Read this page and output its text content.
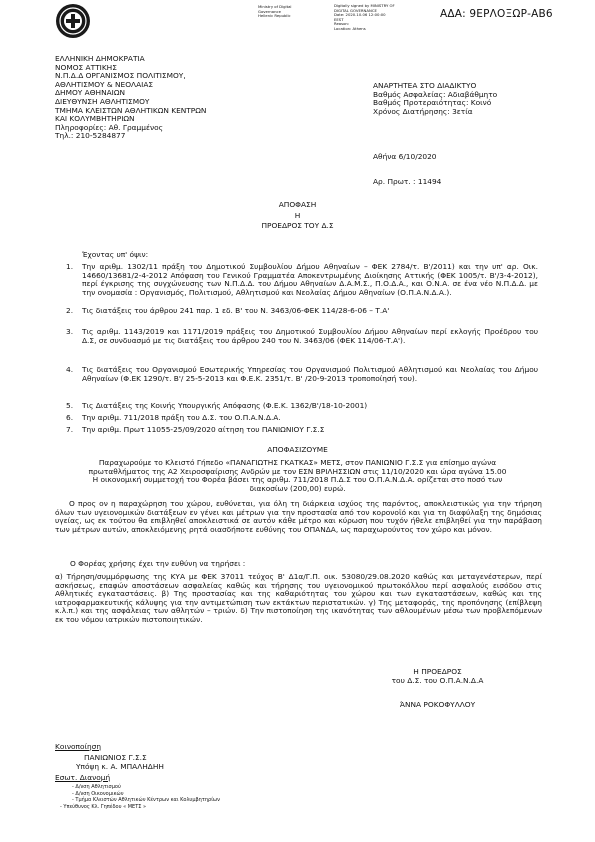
Ministry of Digital
Governance
Hellenic Republic
Digitally signed by MINISTRY OF
DIGITAL GOVERNANCE
Date: 2020.10.06 12:00:00
EEST
Reason:
Location: Athens
ΑΔΑ: 9ΕΡΛΟΞΩΡ-ΑΒ6
ΕΛΛΗΝΙΚΗ ΔΗΜΟΚΡΑΤΙΑ
ΝΟΜΟΣ ΑΤΤΙΚΗΣ
Ν.Π.Δ.Δ ΟΡΓΑΝΙΣΜΟΣ ΠΟΛΙΤΙΣΜΟΥ,
ΑΘΛΗΤΙΣΜΟΥ & ΝΕΟΛΑΙΑΣ
ΔΗΜΟΥ ΑΘΗΝΑΙΩΝ
ΔΙΕΥΘΥΝΣΗ ΑΘΛΗΤΙΣΜΟΥ
ΤΜΗΜΑ ΚΛΕΙΣΤΩΝ ΑΘΛΗΤΙΚΩΝ ΚΕΝΤΡΩΝ
ΚΑΙ ΚΟΛΥΜΒΗΤΗΡΙΩΝ
Πληροφορίες: Αθ. Γραμμένος
Τηλ.: 210-5284877
ΑΝΑΡΤΗΤΕΑ ΣΤΟ ΔΙΑΔΙΚΤΥΟ
Βαθμός Ασφαλείας: Αδιαβάθμητο
Βαθμός Προτεραιότητας: Κοινό
Χρόνος Διατήρησης: 3ετία
Αθήνα 6/10/2020
Αρ. Πρωτ. : 11494
ΑΠΟΦΑΣΗ
Η
ΠΡΟΕΔΡΟΣ ΤΟΥ Δ.Σ
Έχοντας υπ' όψιν:
1. Την αριθμ. 1302/11 πράξη του Δημοτικού Συμβουλίου Δήμου Αθηναίων – ΦΕΚ 2784/τ. Β'/2011) και την υπ' αρ. Οικ. 14660/13681/2-4-2012 Απόφαση του Γενικού Γραμματέα Αποκεντρωμένης Διοίκησης Αττικής (ΦΕΚ 1005/τ. Β'/3-4-2012), περί έγκρισης της συγχώνευσης των Ν.Π.Δ.Δ. του Δήμου Αθηναίων Δ.Α.Μ.Σ., Π.Ο.Δ.Α., και Ο.Ν.Α. σε ένα νέο Ν.Π.Δ.Δ. με την ονομασία : Οργανισμός, Πολιτισμού, Αθλητισμού και Νεολαίας Δήμου Αθηναίων (Ο.Π.Α.Ν.Δ.Α.).
2. Τις διατάξεις του άρθρου 241 παρ. 1 εδ. Β' του Ν. 3463/06-ΦΕΚ 114/28-6-06 – Τ.Α'
3. Τις αριθμ. 1143/2019 και 1171/2019 πράξεις του Δημοτικού Συμβουλίου Δήμου Αθηναίων περί εκλογής Προέδρου του Δ.Σ, σε συνδυασμό με τις διατάξεις του άρθρου 240 του Ν. 3463/06 (ΦΕΚ 114/06-Τ.Α').
4. Τις διατάξεις του Οργανισμού Εσωτερικής Υπηρεσίας του Οργανισμού Πολιτισμού Αθλητισμού και Νεολαίας του Δήμου Αθηναίων (Φ.ΕΚ 1290/τ. Β'/ 25-5-2013 και Φ.Ε.Κ. 2351/τ. Β' /20-9-2013 τροποποίησή του).
5. Τις Διατάξεις της Κοινής Υπουργικής Απόφασης (Φ.Ε.Κ. 1362/Β'/18-10-2001)
6. Την αριθμ. 711/2018 πράξη του Δ.Σ. του Ο.Π.Α.Ν.Δ.Α.
7. Την αριθμ. Πρωτ 11055-25/09/2020 αίτηση του ΠΑΝΙΩΝΙΟΥ Γ.Σ.Σ
ΑΠΟΦΑΣΙΖΟΥΜΕ
Παραχωρούμε το Κλειστό Γήπεδο «ΠΑΝΑΓΙΩΤΗΣ ΓΚΑΤΚΑΣ» ΜΕΤΣ, στον ΠΑΝΙΩΝΙΟ Γ.Σ.Σ για επίσημο αγώνα
πρωταθλήματος της Α2 Χειροσφαίρισης Ανδρών με τον ΕΣΝ ΒΡΙΛΗΣΣΙΩΝ στις 11/10/2020 και ώρα αγώνα 15.00
Η οικονομική συμμετοχή του Φορέα βάσει της αριθμ. 711/2018 Π.Δ.Σ του Ο.Π.Α.Ν.Δ.Α. ορίζεται στο ποσό των
διακοσίων (200,00) ευρώ.
Ο προς ον η παραχώρηση του χώρου, ευθύνεται, για όλη τη διάρκεια ισχύος της παρόντος, αποκλειστικώς για την τήρηση όλων των υγειονομικών διατάξεων εν γένει και μέτρων για την προστασία από τον κορονοϊό και για τη διαφύλαξη της δημόσιας υγείας, ως εκ τούτου θα επιβληθεί αποκλειστικά σε αυτόν κάθε μέτρο και κύρωση που τυχόν ήθελε επιβληθεί για την παράβαση των μέτρων αυτών, αποκλειόμενης ρητά οιασδήποτε ευθύνης του ΟΠΑΝΔΑ, ως παραχωρούντος τον χώρο και μόνον.
Ο Φορέας χρήσης έχει την ευθύνη να τηρήσει :
α) Τήρηση/συμμόρφωσης της ΚΥΑ με ΦΕΚ 37011 τεύχος Β' Δ1α/Γ.Π. οικ. 53080/29.08.2020 καθώς και μεταγενέστερων, περί ασκήσεως, επαφών αποστάσεων ασφαλείας καθώς και τήρησης του υγειονομικού πρωτοκόλλου περί ασφαλούς εισόδου στις Αθλητικές εγκαταστάσεις. β) Της προστασίας και της καθαριότητας του χώρου και των εγκαταστάσεων, καθώς και της ιατροφαρμακευτικής κάλυψης για την αντιμετώπιση των εκτάκτων περιστατικών. γ) Της μεταφοράς, της προπόνησης (επίβλεψη κ.λ.π.) και της ασφάλειας των αθλητών – τριών. δ) Την πιστοποίηση της ικανότητας των αθλουμένων μέσω των προβλεπόμενων εκ του νόμου ιατρικών πιστοποιητικών.
Η ΠΡΟΕΔΡΟΣ
του Δ.Σ. του Ο.Π.Α.Ν.Δ.Α
ΆΝΝΑ ΡΟΚΟΦΥΛΛΟΥ
Κοινοποίηση
ΠΑΝΙΩΝΙΟΣ Γ.Σ.Σ
Υπόψη κ. Α. ΜΠΑΛΗΔΗΗ
Εσωτ. Διανομή
- Δ/νση Αθλητισμού
- Δ/νση Οικονομικών
- Τμήμα Κλειστών Αθλητικών Κέντρων και Κολυμβητηρίων
- Υπεύθυνος Κλ. Γηπέδου « ΜΕΤΣ »
